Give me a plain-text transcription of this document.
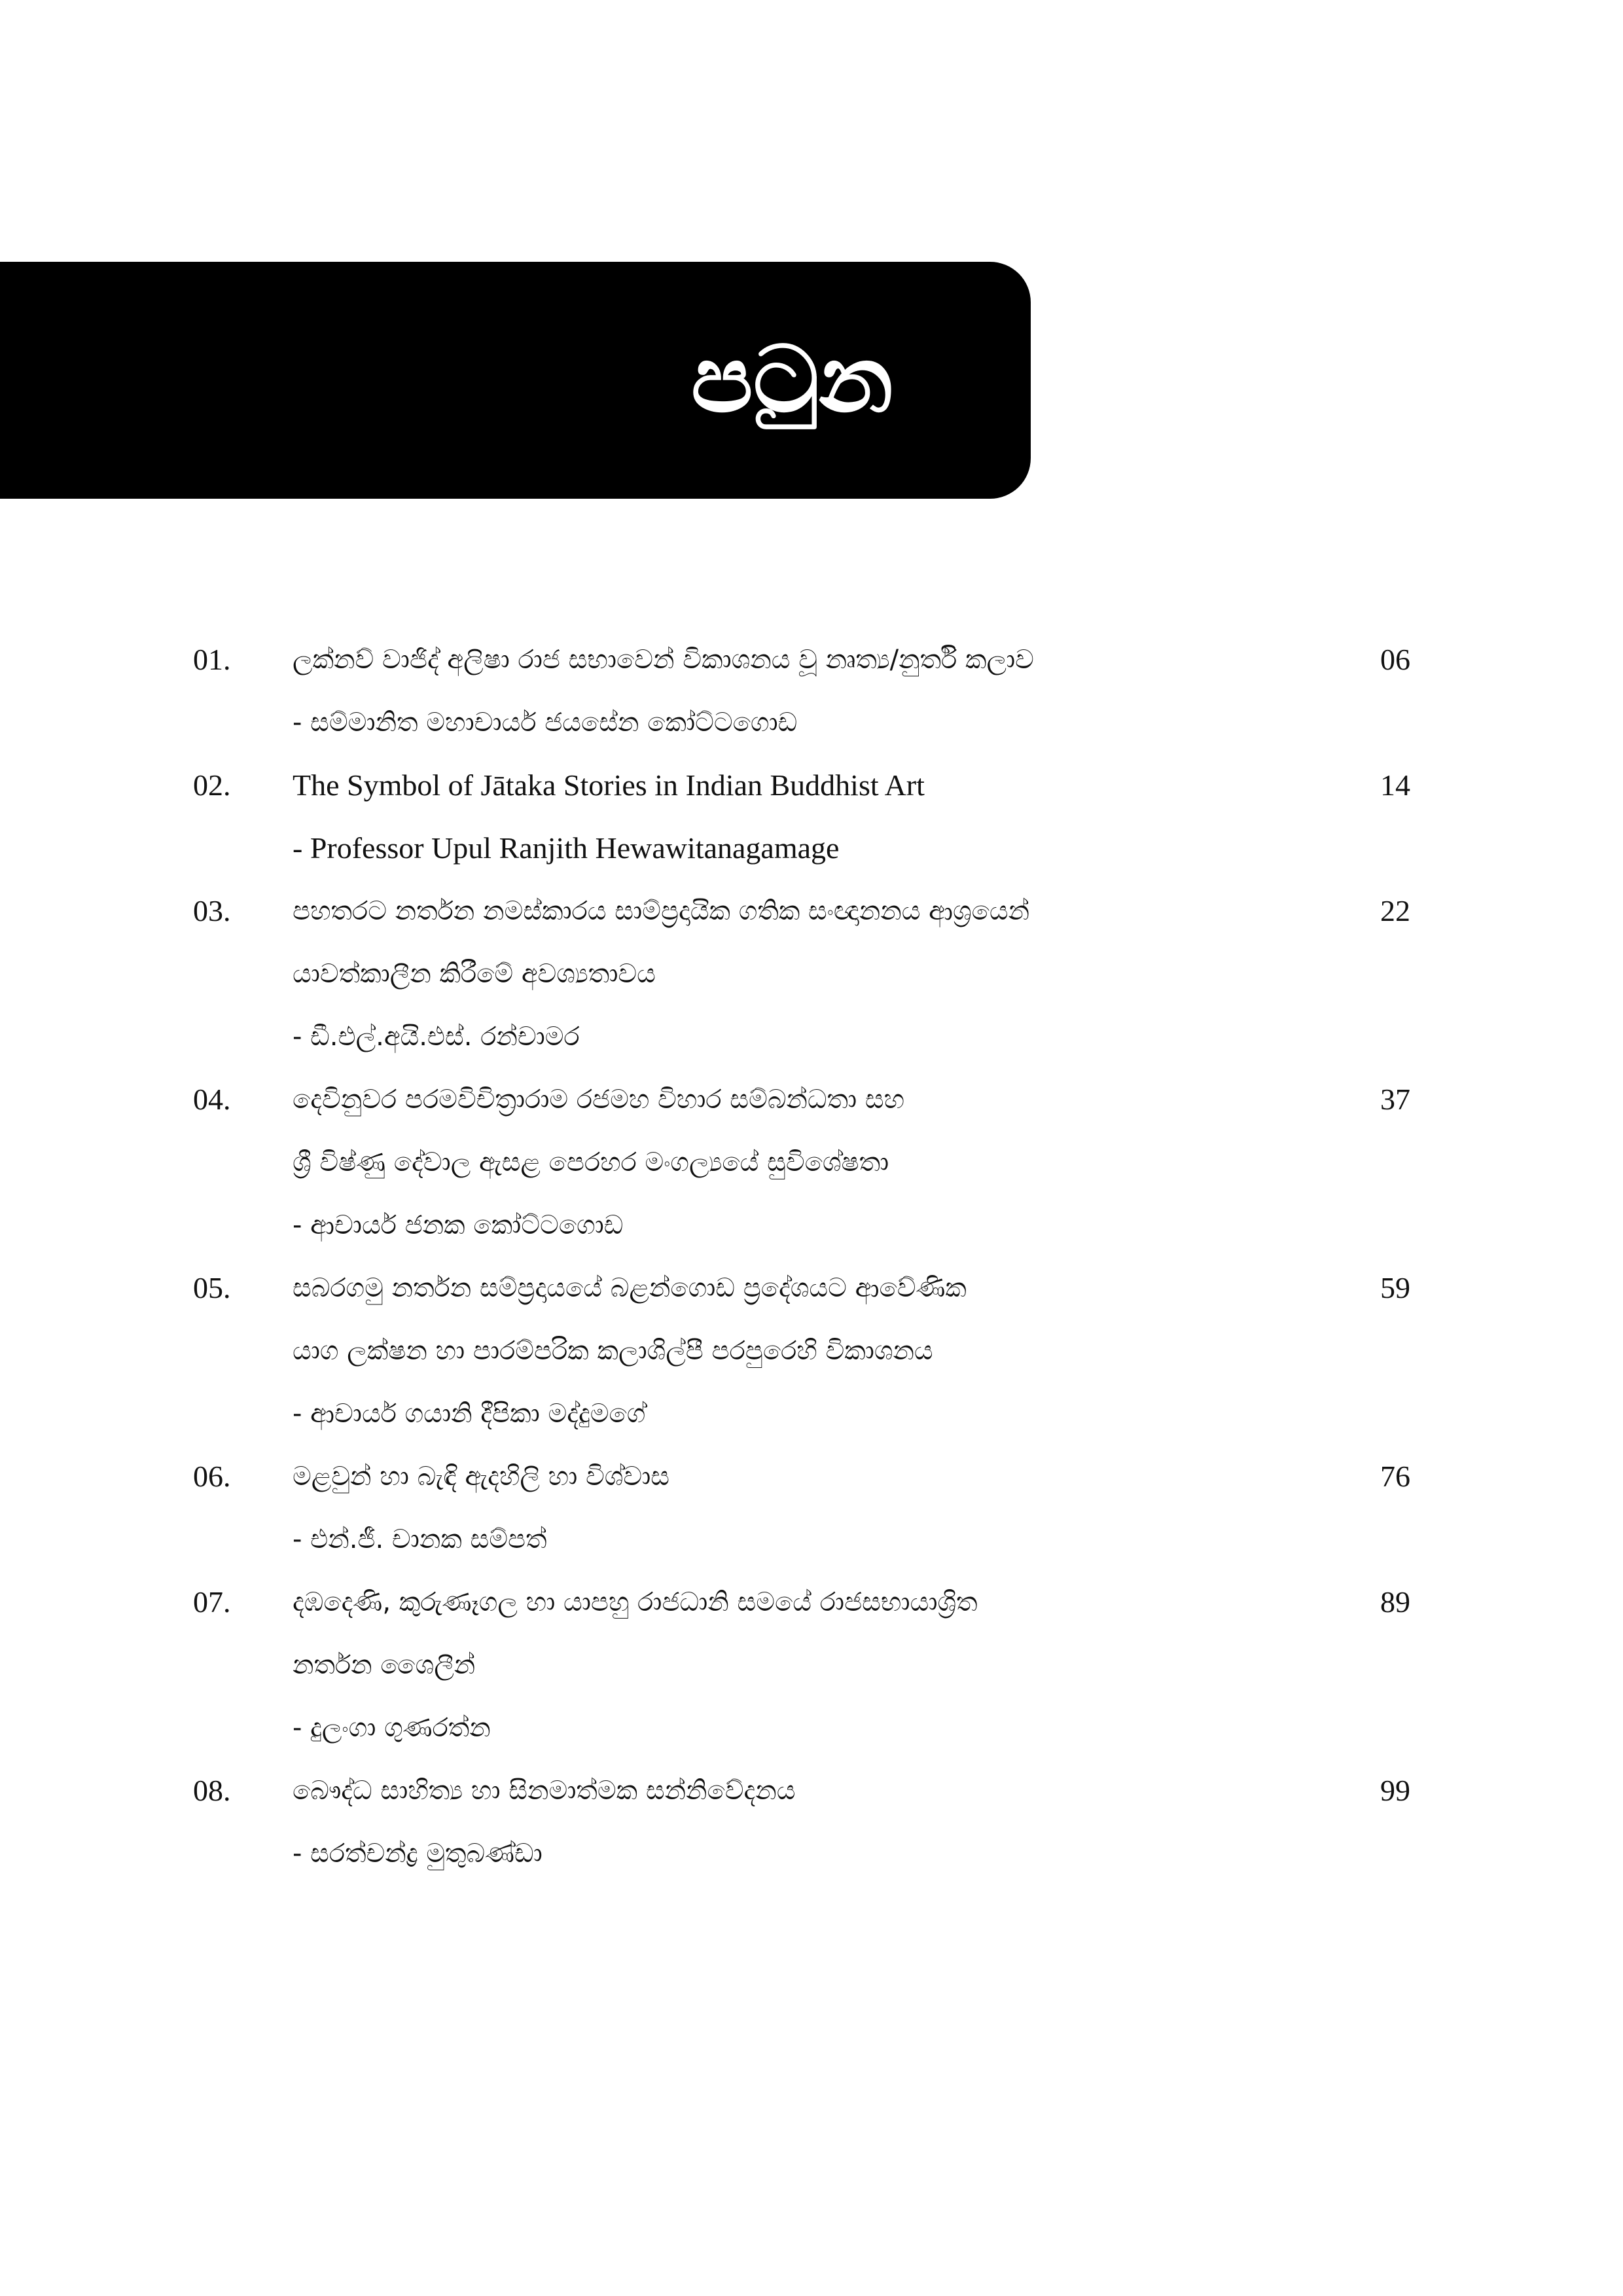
පටුන
01. ලක්නව් වාජිද් අලිෂා රාජ සභාවෙන් විකාශනය වූ නෘත්‍ය/නුර්ති කලාව	06
- සම්මානිත මහාචාර්ය ජයසේන කෝට්ටගොඩ
02. The Symbol of Jātaka Stories in Indian Buddhist Art	14
- Professor Upul Ranjith Hewawitanagamage
03. පහතරට නර්තන නමස්කාරය සාම්ප්‍රදායික ගතික සංඥානනය ආශ්‍රයෙන්	22
යාවත්කාලීන කිරීමේ අවශ්‍යතාවය
- ඩී.එල්.අයි.එස්. රන්චාමර
04. දෙවිනුවර පරමවිචිත්‍රාරාම රජමහ විහාර සම්බන්ධතා සහ	37
ශ්‍රී විෂ්ණු දේවාල ඇසළ පෙරහර මංගල්‍යයේ සුවිශේෂතා
- ආචාර්ය ජනක කෝට්ටගොඩ
05. සබරගමු නර්තන සම්ප්‍රදායයේ බළන්ගොඩ ප්‍රදේශයට ආවේණික	59
යාග ලක්ෂන හා පාරම්පරික කලාශිල්පී පරපුරෙහි විකාශනය
- ආචාර්ය ගයානි දීපිකා මද්දුමගේ
06. මළවුන් හා බැඳි ඇදහිලි හා විශ්වාස	76
- එන්.ජී. චානක සම්පත්
07. දඹදෙණි, කුරුණෑගල හා යාපහු රාජධානි සමයේ රාජසභායාශ්‍රිත	89
නර්තන ශෛලීන්
- දුලංගා ගුණරත්න
08. බෞද්ධ සාහිත්‍ය හා සිනමාත්මක සන්නිවේදනය	99
- සරත්චන්ද්‍ර මුතුබණ්ඩා
